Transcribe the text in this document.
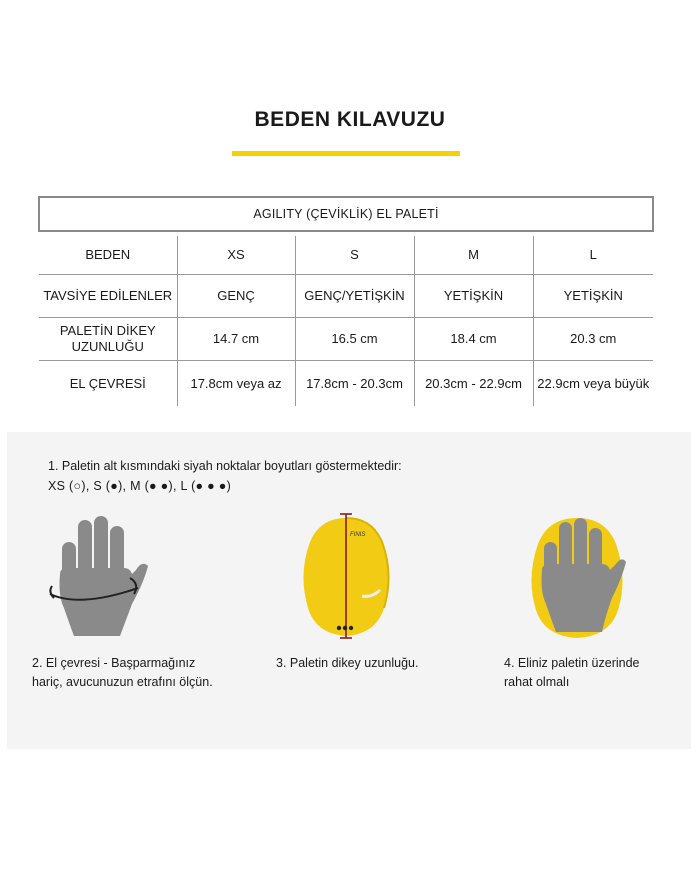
BEDEN KILAVUZU
AGILITY (ÇEVİKLİK) EL PALETİ				

BEDEN	XS	S	M	L
TAVSİYE EDİLENLER	GENÇ	GENÇ/YETİŞKİN	YETİŞKİN	YETİŞKİN
PALETİN DİKEY UZUNLUĞU	14.7 cm	16.5 cm	18.4 cm	20.3 cm
EL ÇEVRESİ	17.8cm veya az	17.8cm - 20.3cm	20.3cm - 22.9cm	22.9cm veya büyük
1. Paletin alt kısmındaki siyah noktalar boyutları göstermektedir:
XS (○), S (●), M (● ●), L (● ● ●)
FINIS
2. El çevresi - Başparmağınız
hariç, avucunuzun etrafını ölçün.
3. Paletin dikey uzunluğu.	4. Eliniz paletin üzerinde
rahat olmalı
